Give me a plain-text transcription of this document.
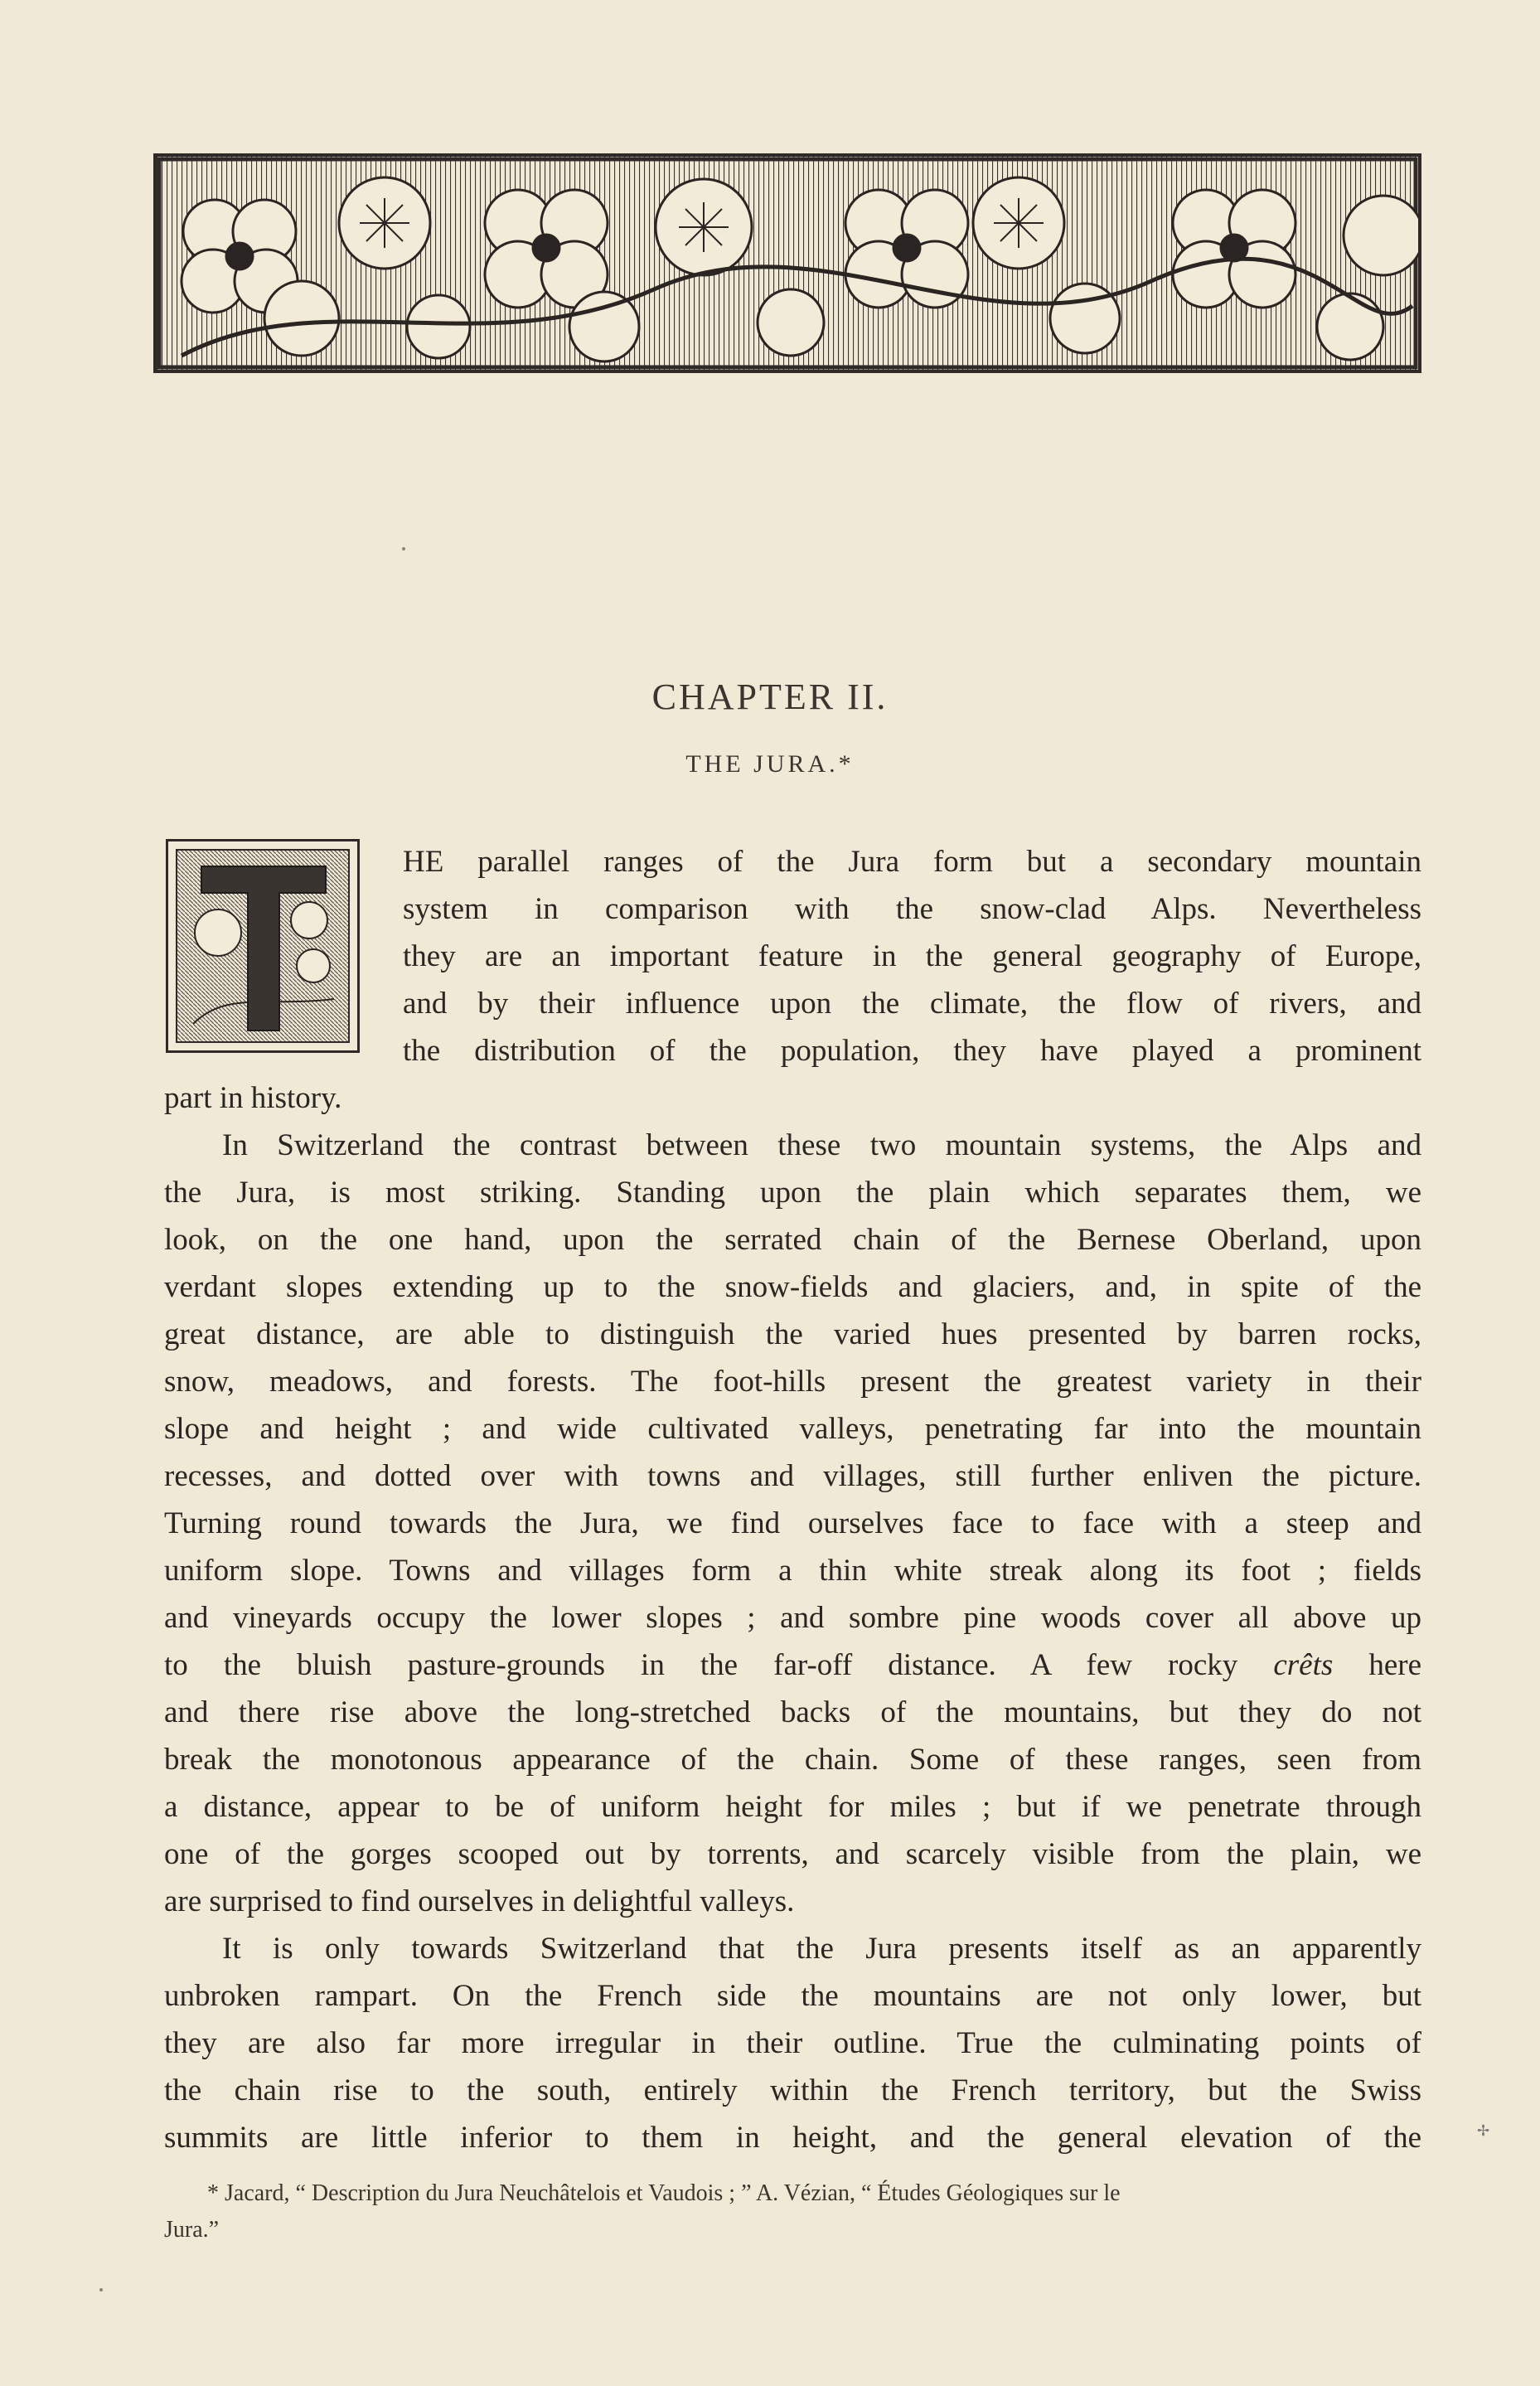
CHAPTER II.
THE JURA.*
HE parallel ranges of the Jura form but a secondary mountain
system in comparison with the snow-clad Alps. Nevertheless
they are an important feature in the general geography of Europe,
and by their influence upon the climate, the flow of rivers, and
the distribution of the population, they have played a prominent
part in history.
In Switzerland the contrast between these two mountain systems, the Alps and
the Jura, is most striking. Standing upon the plain which separates them, we
look, on the one hand, upon the serrated chain of the Bernese Oberland, upon
verdant slopes extending up to the snow-fields and glaciers, and, in spite of the
great distance, are able to distinguish the varied hues presented by barren rocks,
snow, meadows, and forests. The foot-hills present the greatest variety in their
slope and height ; and wide cultivated valleys, penetrating far into the mountain
recesses, and dotted over with towns and villages, still further enliven the picture.
Turning round towards the Jura, we find ourselves face to face with a steep and
uniform slope. Towns and villages form a thin white streak along its foot ; fields
and vineyards occupy the lower slopes ; and sombre pine woods cover all above up
to the bluish pasture-grounds in the far-off distance. A few rocky crêts here
and there rise above the long-stretched backs of the mountains, but they do not
break the monotonous appearance of the chain. Some of these ranges, seen from
a distance, appear to be of uniform height for miles ; but if we penetrate through
one of the gorges scooped out by torrents, and scarcely visible from the plain, we
are surprised to find ourselves in delightful valleys.
It is only towards Switzerland that the Jura presents itself as an apparently
unbroken rampart. On the French side the mountains are not only lower, but
they are also far more irregular in their outline. True the culminating points of
the chain rise to the south, entirely within the French territory, but the Swiss
summits are little inferior to them in height, and the general elevation of the	✢
* Jacard, “ Description du Jura Neuchâtelois et Vaudois ; ” A. Vézian, “ Études Géologiques sur le
Jura.”
